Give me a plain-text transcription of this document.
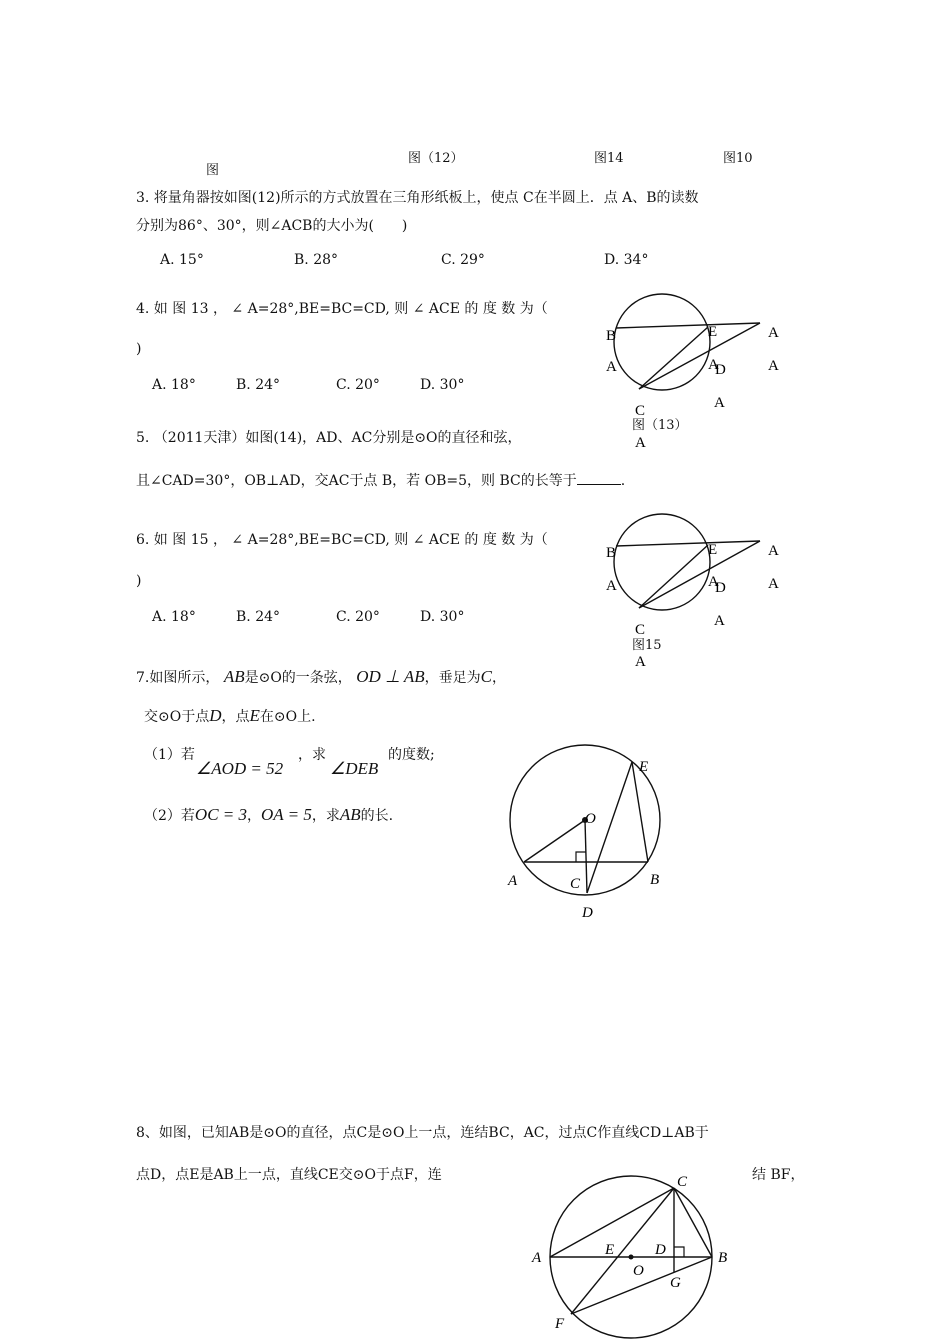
图
图（12）	图14	图10
3. 将量角器按如图(12)所示的方式放置在三角形纸板上，使点 C在半圆上．点 A、B的读数
分别为86°、30°，则∠ACB的大小为(　　)
A. 15°	B. 28°	C. 29°	D. 34°
4. 如 图 13 ， ∠ A=28°,BE=BC=CD, 则 ∠ ACE 的 度 数 为（
)
A. 18°	B. 24°	C. 20°	D. 30°
B	E	A
A	A	A
D
A
C
A
图（13）
5. （2011天津）如图(14)，AD、AC分别是⊙O的直径和弦，
且∠CAD=30°，OB⊥AD，交AC于点 B，若 OB=5，则 BC的长等于	.
6. 如 图 15 ， ∠ A=28°,BE=BC=CD, 则 ∠ ACE 的 度 数 为（
)
A. 18°	B. 24°	C. 20°	D. 30°
B	E	A
A	A	A
D
A
C
A
图15
7.如图所示， AB是⊙O的一条弦， OD ⊥ AB，垂足为C，
交⊙O于点D，点E在⊙O上.
（1）若
∠AOD = 52
，求
∠DEB
的度数;
（2）若OC = 3，OA = 5，求AB的长.
E
O
A	C	B
D
8、如图，已知AB是⊙O的直径，点C是⊙O上一点，连结BC，AC，过点C作直线CD⊥AB于
点D，点E是AB上一点，直线CE交⊙O于点F，连	结 BF，
C
A	E	D	B
O
G
F
